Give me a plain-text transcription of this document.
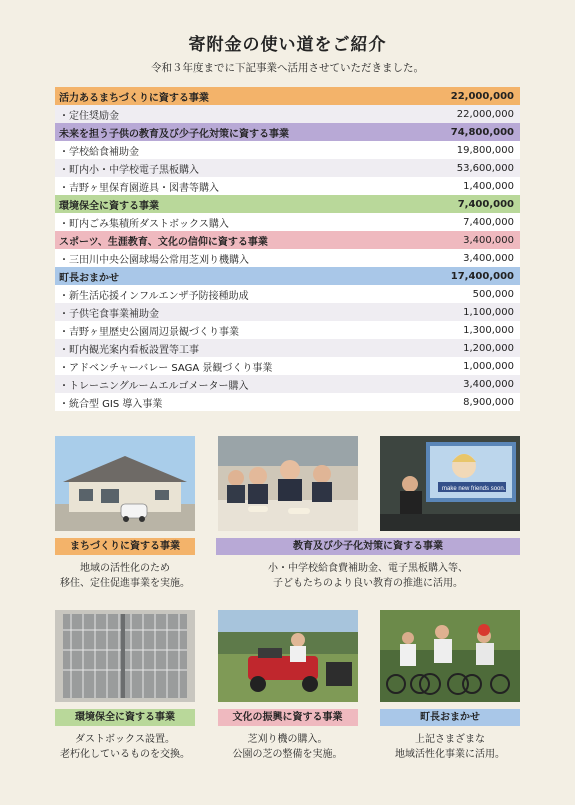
寄附金の使い道をご紹介
令和３年度までに下記事業へ活用させていただきました。
活力あるまちづくりに資する事業	22,000,000
・定住奨励金	22,000,000
未来を担う子供の教育及び少子化対策に資する事業	74,800,000
・学校給食補助金	19,800,000
・町内小・中学校電子黒板購入	53,600,000
・吉野ヶ里保育園遊具・図書等購入	1,400,000
環境保全に資する事業	7,400,000
・町内ごみ集積所ダストボックス購入	7,400,000
スポーツ、生涯教育、文化の信仰に資する事業	3,400,000
・三田川中央公園球場公常用芝刈り機購入	3,400,000
町長おまかせ	17,400,000
・新生活応援インフルエンザ予防接種助成	500,000
・子供宅食事業補助金	1,100,000
・吉野ヶ里歴史公園周辺景観づくり事業	1,300,000
・町内観光案内看板設置等工事	1,200,000
・アドベンチャーバレー SAGA 景観づくり事業	1,000,000
・トレーニングルームエルゴメーター購入	3,400,000
・統合型 GIS 導入事業	8,900,000
make new friends soon.
まちづくりに資する事業
地域の活性化のため
移住、定住促進事業を実施。
教育及び少子化対策に資する事業
小・中学校給食費補助金、電子黒板購入等、
子どもたちのより良い教育の推進に活用。
環境保全に資する事業
ダストボックス設置。
老朽化しているものを交換。
文化の振興に資する事業
芝刈り機の購入。
公園の芝の整備を実施。
町長おまかせ
上記さまざまな
地域活性化事業に活用。
